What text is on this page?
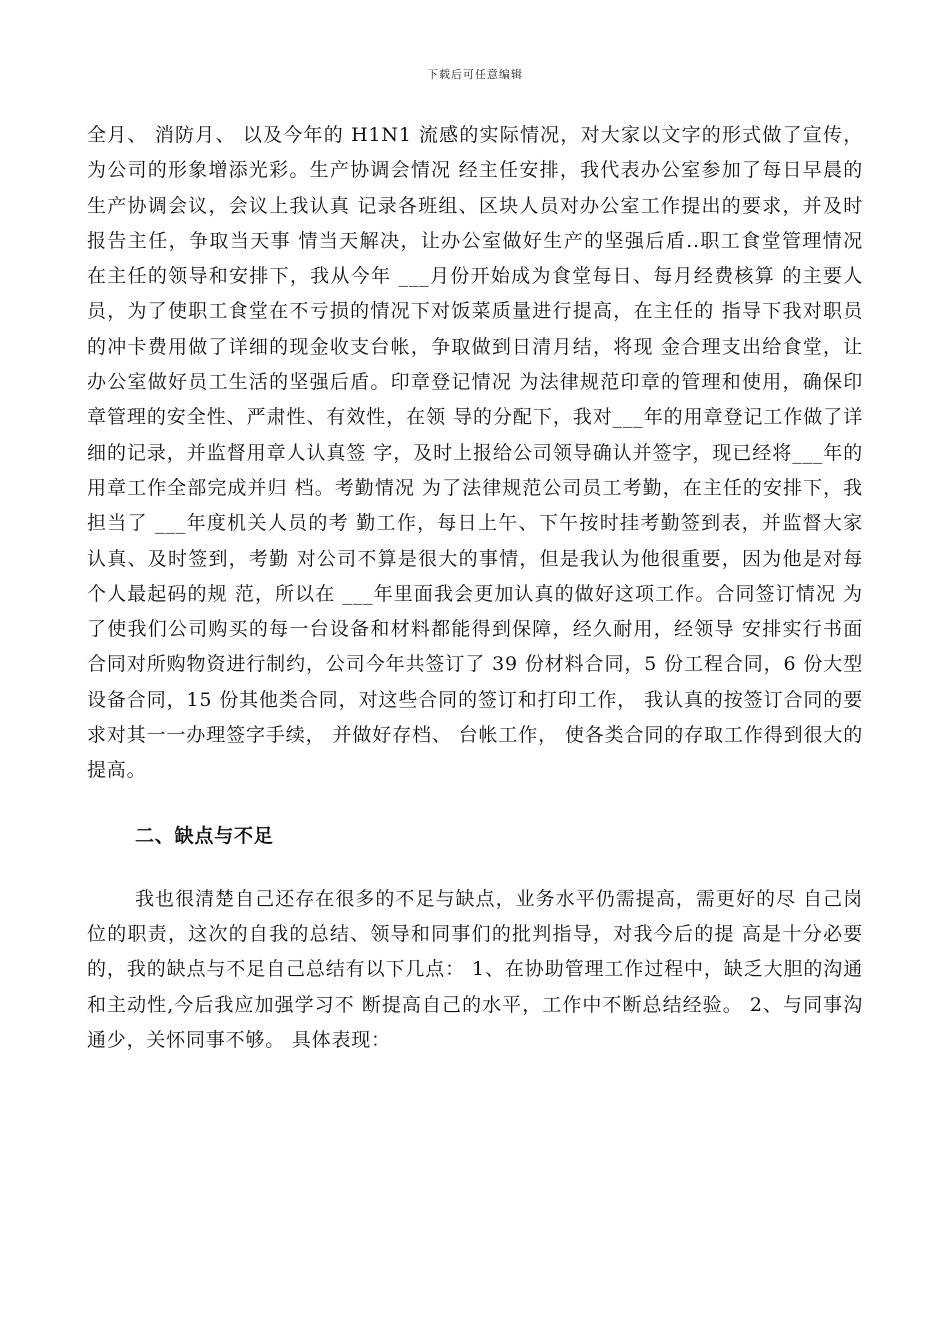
下载后可任意编辑

全月、 消防月、 以及今年的 H1N1 流感的实际情况，对大家以文字的形式做了宣传，为公司的形象增添光彩。生产协调会情况 经主任安排，我代表办公室参加了每日早晨的生产协调会议，会议上我认真 记录各班组、区块人员对办公室工作提出的要求，并及时报告主任，争取当天事 情当天解决，让办公室做好生产的坚强后盾..职工食堂管理情况 在主任的领导和安排下，我从今年 ___月份开始成为食堂每日、每月经费核算 的主要人员，为了使职工食堂在不亏损的情况下对饭菜质量进行提高，在主任的 指导下我对职员的冲卡费用做了详细的现金收支台帐，争取做到日清月结，将现 金合理支出给食堂，让办公室做好员工生活的坚强后盾。印章登记情况 为法律规范印章的管理和使用，确保印章管理的安全性、严肃性、有效性，在领 导的分配下，我对___年的用章登记工作做了详细的记录，并监督用章人认真签 字，及时上报给公司领导确认并签字，现已经将___年的用章工作全部完成并归 档。考勤情况 为了法律规范公司员工考勤，在主任的安排下，我担当了 ___年度机关人员的考 勤工作，每日上午、下午按时挂考勤签到表，并监督大家认真、及时签到，考勤 对公司不算是很大的事情，但是我认为他很重要，因为他是对每个人最起码的规 范，所以在 ___年里面我会更加认真的做好这项工作。合同签订情况 为了使我们公司购买的每一台设备和材料都能得到保障，经久耐用，经领导 安排实行书面合同对所购物资进行制约，公司今年共签订了 39 份材料合同，5 份工程合同，6 份大型设备合同，15 份其他类合同，对这些合同的签订和打印工作， 我认真的按签订合同的要求对其一一办理签字手续， 并做好存档、 台帐工作， 使各类合同的存取工作得到很大的提高。

二、缺点与不足

我也很清楚自己还存在很多的不足与缺点，业务水平仍需提高，需更好的尽 自己岗位的职责，这次的自我的总结、领导和同事们的批判指导，对我今后的提 高是十分必要的，我的缺点与不足自己总结有以下几点： 1、在协助管理工作过程中，缺乏大胆的沟通和主动性,今后我应加强学习不 断提高自己的水平，工作中不断总结经验。 2、与同事沟通少，关怀同事不够。 具体表现：
